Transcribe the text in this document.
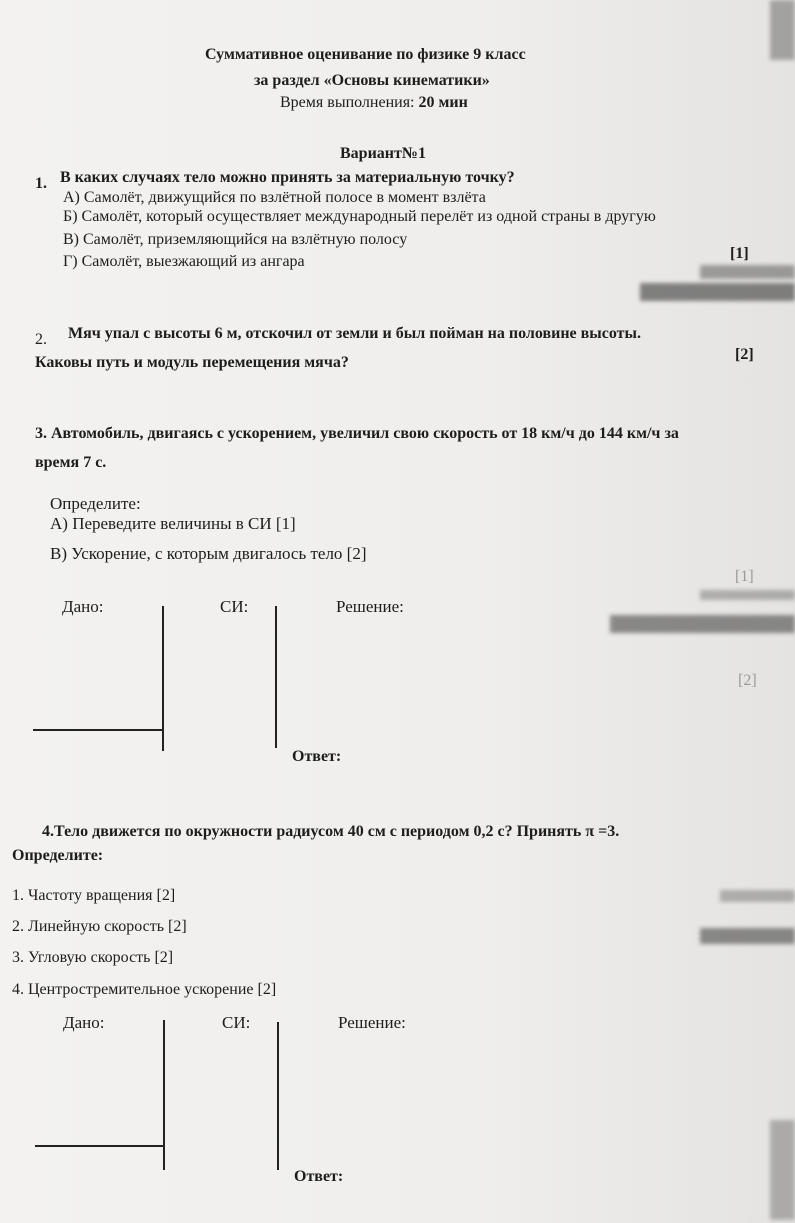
Суммативное оценивание по физике 9 класс
за раздел «Основы кинематики»
Время выполнения: 20 мин
Вариант№1
1. В каких случаях тело можно принять за материальную точку?
А) Самолёт, движущийся по взлётной полосе в момент взлёта
Б) Самолёт, который осуществляет международный перелёт из одной страны в другую
В) Самолёт, приземляющийся на взлётную полосу
Г) Самолёт, выезжающий из ангара	[1]
2. Мяч упал с высоты 6 м, отскочил от земли и был пойман на половине высоты.
Каковы путь и модуль перемещения мяча?	[2]
3. Автомобиль, двигаясь с ускорением, увеличил свою скорость от 18 км/ч до 144 км/ч за
время 7 с.
Определите:
А) Переведите величины в СИ [1]
В) Ускорение, с которым двигалось тело [2]
[1]
[2]
Дано:	СИ:	Решение:
Ответ:
4.Тело движется по окружности радиусом 40 см с периодом 0,2 с? Принять π =3.
Определите:
1. Частоту вращения [2]
2. Линейную скорость [2]
3. Угловую скорость [2]
4. Центростремительное ускорение [2]
Дано:	СИ:	Решение:
Ответ:
